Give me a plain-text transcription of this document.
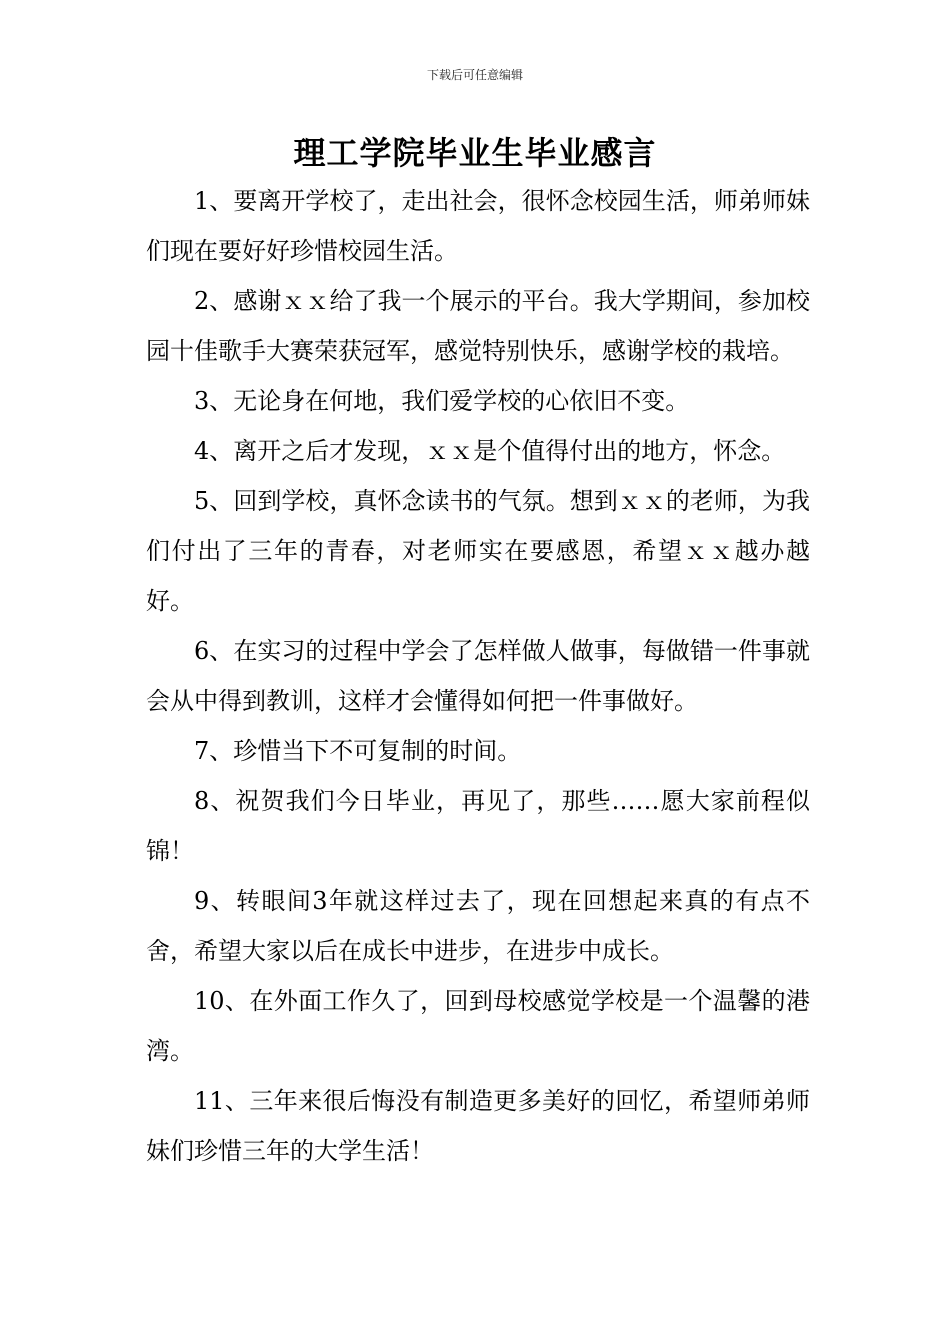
下载后可任意编辑
理工学院毕业生毕业感言

1、要离开学校了，走出社会，很怀念校园生活，师弟师妹们现在要好好珍惜校园生活。

2、感谢ｘｘ给了我一个展示的平台。我大学期间，参加校园十佳歌手大赛荣获冠军，感觉特别快乐，感谢学校的栽培。

3、无论身在何地，我们爱学校的心依旧不变。

4、离开之后才发现，ｘｘ是个值得付出的地方，怀念。

5、回到学校，真怀念读书的气氛。想到ｘｘ的老师，为我们付出了三年的青春，对老师实在要感恩，希望ｘｘ越办越好。

6、在实习的过程中学会了怎样做人做事，每做错一件事就会从中得到教训，这样才会懂得如何把一件事做好。

7、珍惜当下不可复制的时间。

8、祝贺我们今日毕业，再见了，那些……愿大家前程似锦！

9、转眼间3年就这样过去了，现在回想起来真的有点不舍，希望大家以后在成长中进步，在进步中成长。

10、在外面工作久了，回到母校感觉学校是一个温馨的港湾。

11、三年来很后悔没有制造更多美好的回忆，希望师弟师妹们珍惜三年的大学生活！
